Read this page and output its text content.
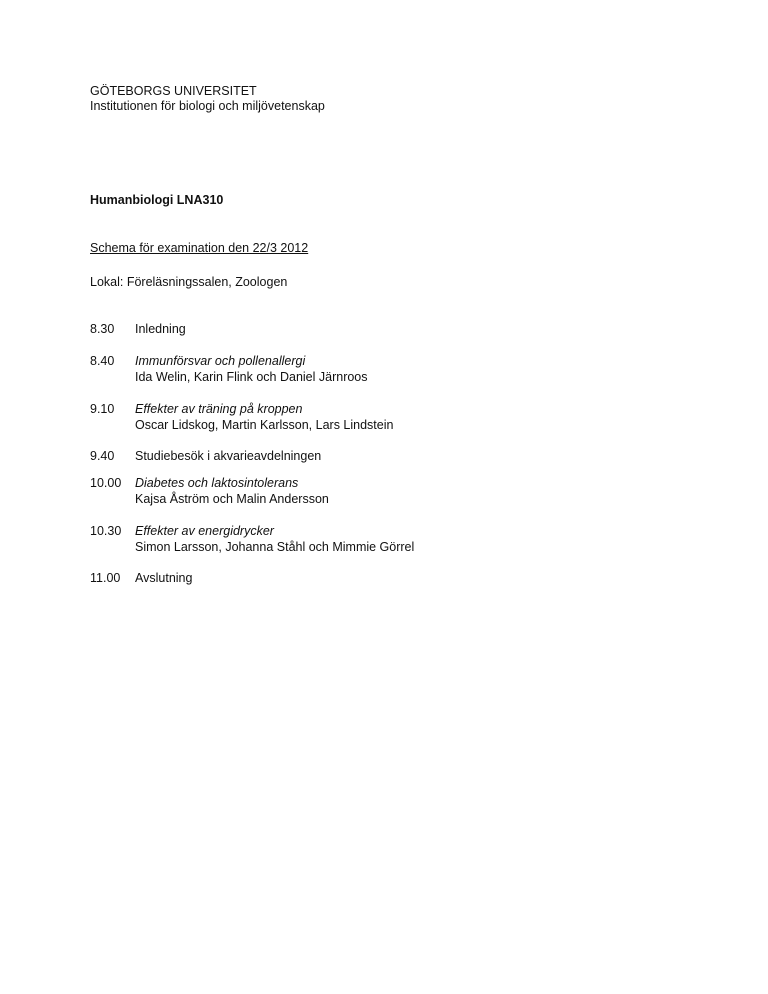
GÖTEBORGS UNIVERSITET
Institutionen för biologi och miljövetenskap
Humanbiologi LNA310
Schema för examination den 22/3 2012
Lokal: Föreläsningssalen, Zoologen
8.30 Inledning
8.40 Immunförsvar och pollenallergi
Ida Welin, Karin Flink och Daniel Järnroos
9.10 Effekter av träning på kroppen
Oscar Lidskog, Martin Karlsson, Lars Lindstein
9.40 Studiebesök i akvarieavdelningen
10.00 Diabetes och laktosintolerans
Kajsa Åström och Malin Andersson
10.30 Effekter av energidrycker
Simon Larsson, Johanna Ståhl och Mimmie Görrel
11.00 Avslutning
